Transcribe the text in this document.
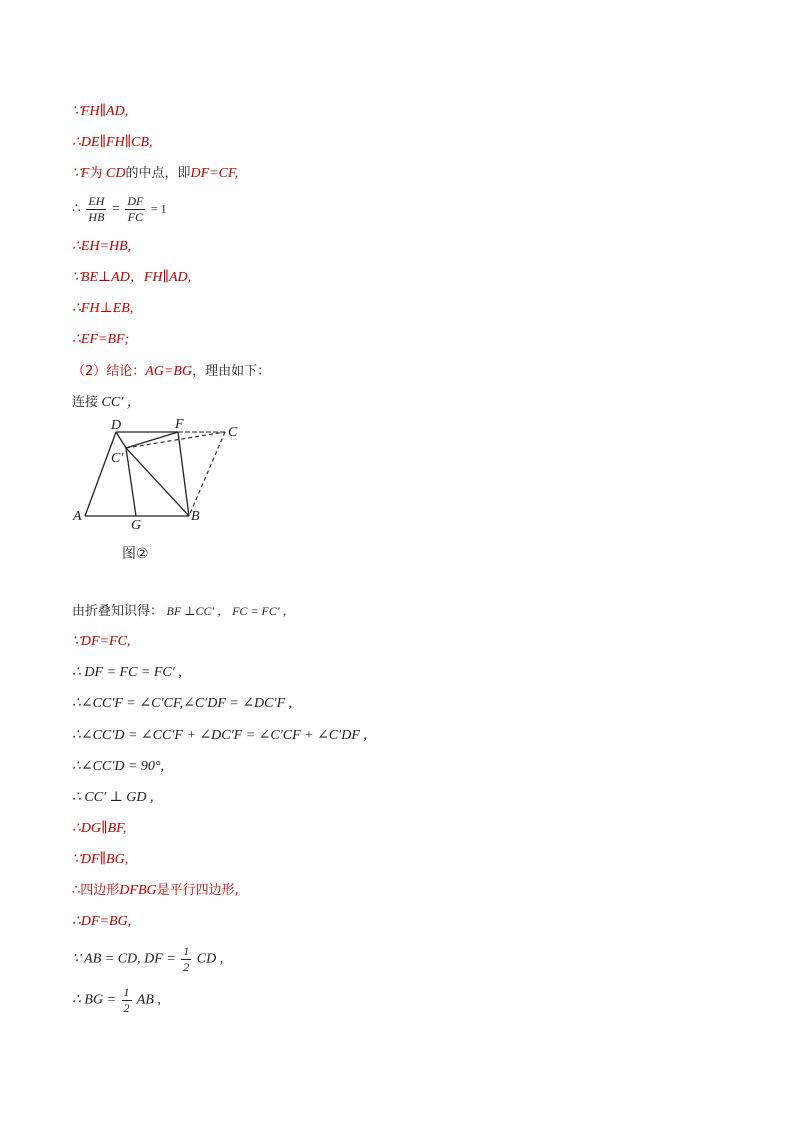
∵FH∥AD,
∴DE∥FH∥CB,
∵F为 CD的中点，即DF=CF,
∴ $\frac{EH}{HB} = \frac{DF}{FC} = 1$
∴EH=HB,
∵BE⊥AD，FH∥AD,
∴FH⊥EB,
∴EF=BF;
（2）结论：AG=BG，理由如下：
连接 CC′ ，
D	F
C
C′
A
G
B
图②
由折叠知识得： BF ⊥CC′ ， FC = FC′ ，
∵DF=FC,
∴ DF = FC = FC′ ,
∴∠CC′F = ∠C′CF,∠C′DF = ∠DC′F ,
∴∠CC′D = ∠CC′F + ∠DC′F = ∠C′CF + ∠C′DF ,
∴∠CC′D = 90°,
∴ CC′ ⊥ GD ,
∴DG∥BF,
∵DF∥BG,
∴四边形DFBG是平行四边形,
∴DF=BG,
∵ AB = CD, DF = $\frac{1}{2}$ CD ,
∴ BG = $\frac{1}{2}$ AB ,
